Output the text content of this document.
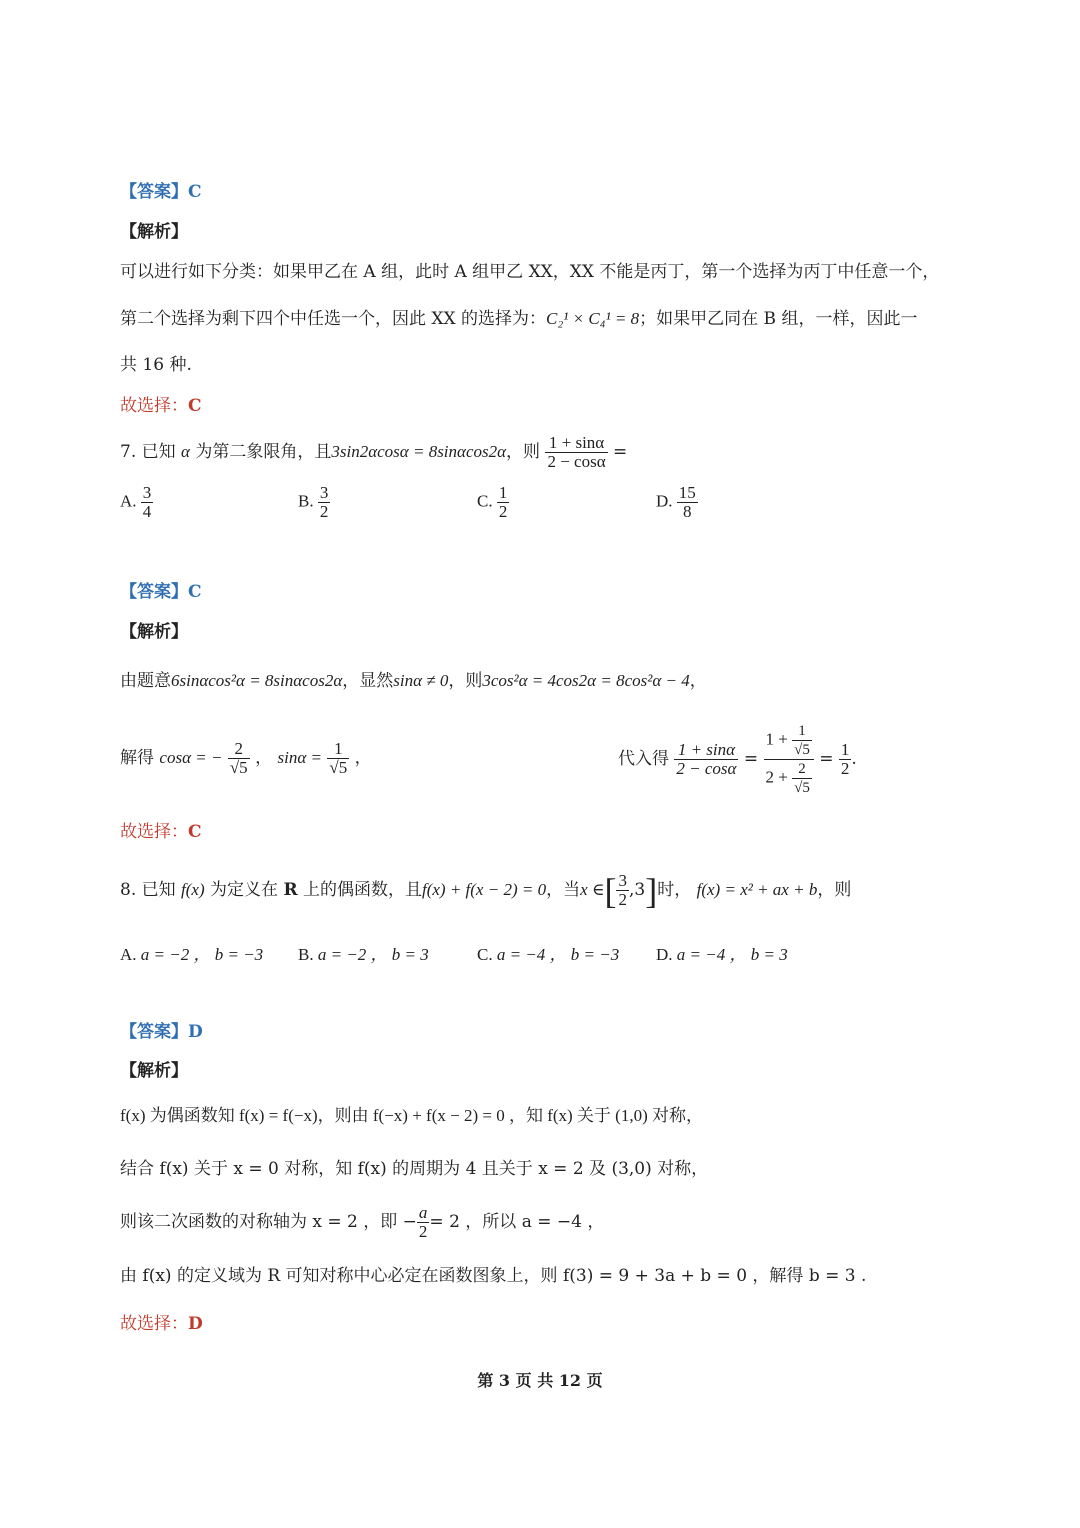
【答案】C
【解析】
可以进行如下分类：如果甲乙在 A 组，此时 A 组甲乙 XX，XX 不能是丙丁，第一个选择为丙丁中任意一个，
第二个选择为剩下四个中任选一个，因此 XX 的选择为：C₂¹ × C₄¹ = 8；如果甲乙同在 B 组，一样，因此一
共 16 种.
故选择：C
7. 已知 α 为第二象限角，且3sin2αcosα = 8sinαcos2α，则 $\frac{1 + \sin\alpha}{2 - \cos\alpha}$ =
A. $\frac{3}{4}$	B. $\frac{3}{2}$	C. $\frac{1}{2}$	D. $\frac{15}{8}$
【答案】C
【解析】
由题意6sinαcos²α = 8sinαcos2α，显然sinα ≠ 0，则3cos²α = 4cos2α = 8cos²α − 4，
解得 cosα = − $\frac{2}{√5}$ ， $\sin\alpha = \frac{1}{√5}$ ，	代入得 $\frac{1 + \sin\alpha}{2 - \cos\alpha} = \frac{1 + \frac{1}{√5}}{2 + \frac{2}{√5}} = \frac{1}{2}$ .
故选择：C
8. 已知 f(x) 为定义在 R 上的偶函数，且f(x) + f(x − 2) = 0，当x ∈[ $\frac{3}{2} ,3$]时， f(x) = x² + ax + b，则
A. a = −2 ， b = −3 B. a = −2 ， b = 3	C. a = −4 ， b = −3 D. a = −4 ， b = 3
【答案】D
【解析】
f(x) 为偶函数知 f(x) = f(−x)，则由 f(−x) + f(x − 2) = 0 ，知 f(x) 关于 (1,0) 对称，
结合 f(x) 关于 x = 0 对称，知 f(x) 的周期为 4 且关于 x = 2 及 (3,0) 对称，
则该二次函数的对称轴为 x = 2 ，即 − $\frac{a}{2} = 2$ ，所以 a = −4 ，
由 f(x) 的定义域为 R 可知对称中心必定在函数图象上，则 f(3) = 9 + 3a + b = 0 ，解得 b = 3 .
故选择：D
第 3 页 共 12 页
